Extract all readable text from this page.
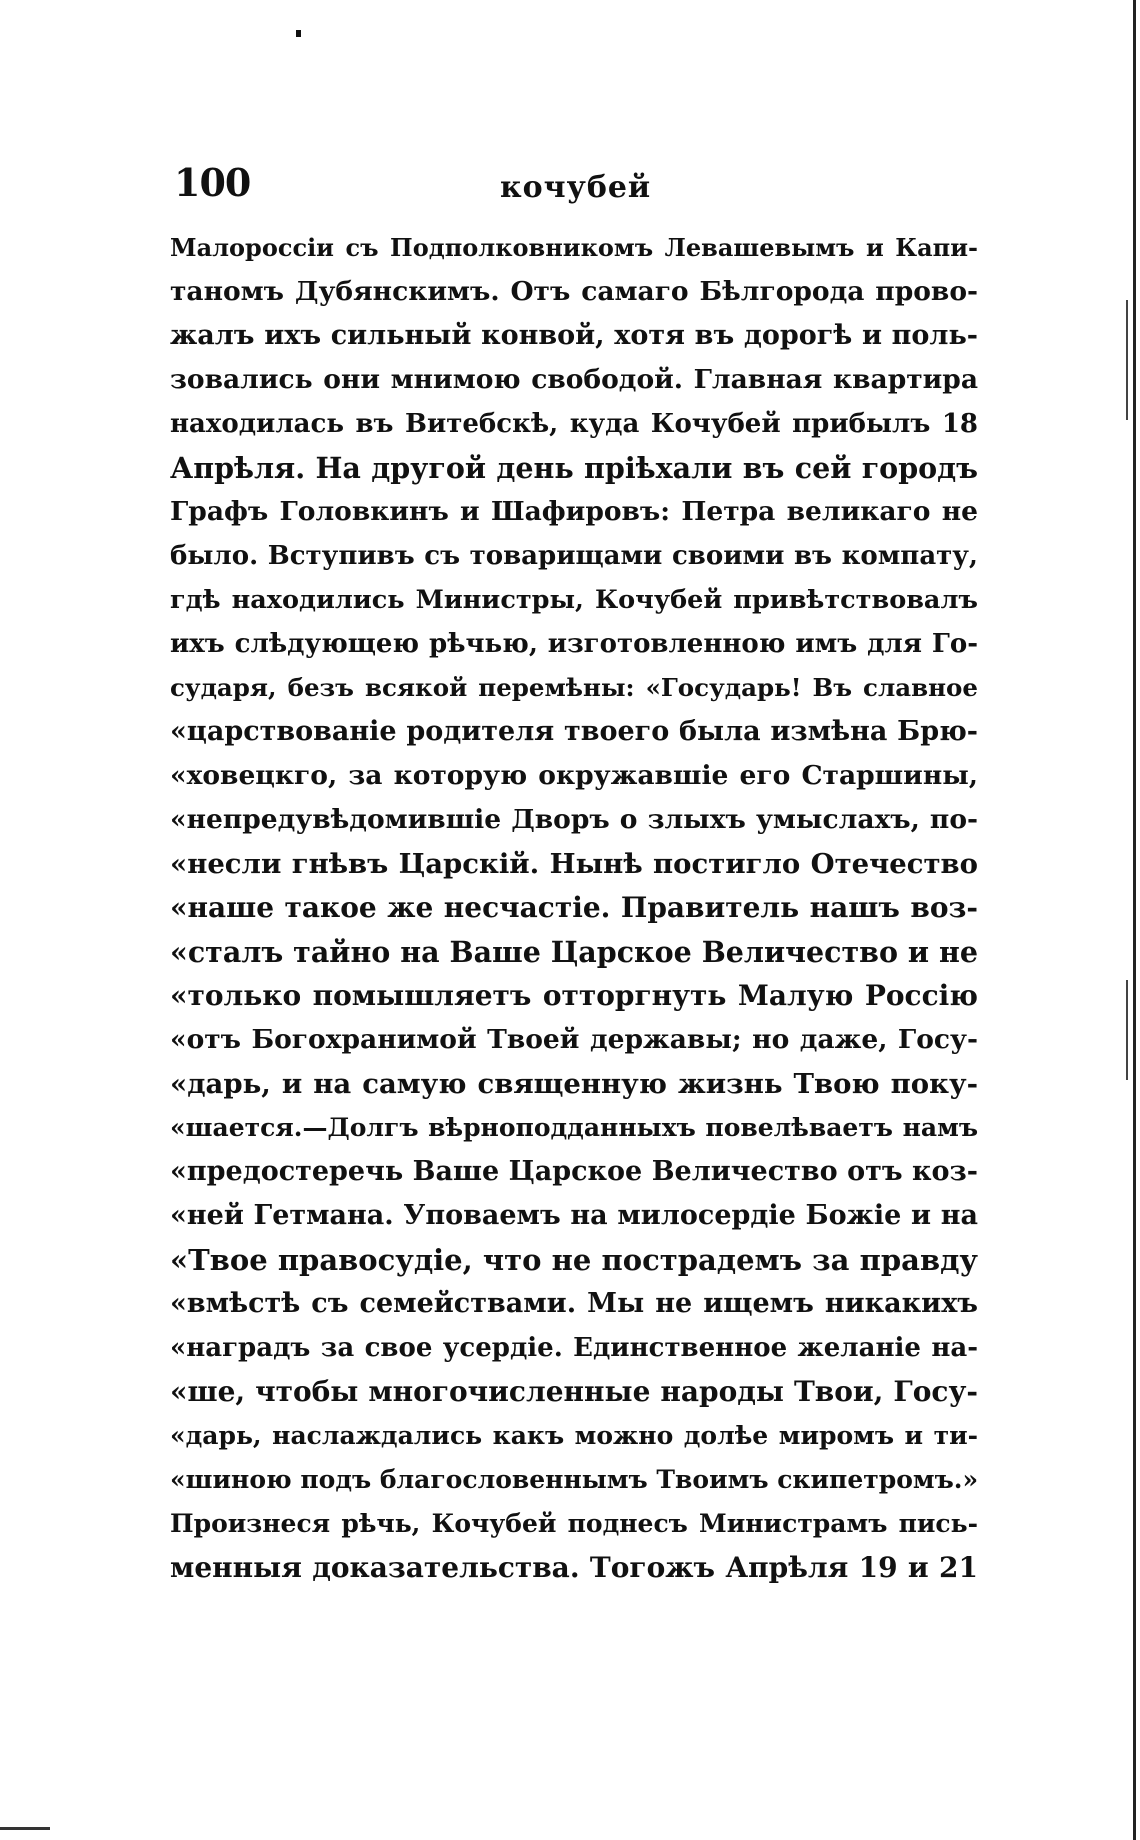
100	кочубей
Малороссіи съ Подполковникомъ Левашевымъ и Капи-
таномъ Дубянскимъ. Отъ самаго Бѣлгорода прово-
жалъ ихъ сильный конвой, хотя въ дорогѣ и поль-
зовались они мнимою свободой. Главная квартира
находилась въ Витебскѣ, куда Кочубей прибылъ 18
Апрѣля. На другой день пріѣхали въ сей городъ
Графъ Головкинъ и Шафировъ: Петра великаго не
было. Вступивъ съ товарищами своими въ компату,
гдѣ находились Министры, Кочубей привѣтствовалъ
ихъ слѣдующею рѣчью, изготовленною имъ для Го-
сударя, безъ всякой перемѣны: «Государь! Въ славное
«царствованіе родителя твоего была измѣна Брю-
«ховецкго, за которую окружавшіе его Старшины,
«непредувѣдомившіе Дворъ о злыхъ умыслахъ, по-
«несли гнѣвъ Царскій. Нынѣ постигло Отечество
«наше такое же несчастіе. Правитель нашъ воз-
«сталъ тайно на Ваше Царское Величество и не
«только помышляетъ отторгнуть Малую Россію
«отъ Богохранимой Твоей державы; но даже, Госу-
«дарь, и на самую священную жизнь Твою поку-
«шается.—Долгъ вѣрноподданныхъ повелѣваетъ намъ
«предостеречь Ваше Царское Величество отъ коз-
«ней Гетмана. Уповаемъ на милосердіе Божіе и на
«Твое правосудіе, что не пострадемъ за правду
«вмѣстѣ съ семействами. Мы не ищемъ никакихъ
«наградъ за свое усердіе. Единственное желаніе на-
«ше, чтобы многочисленные народы Твои, Госу-
«дарь, наслаждались какъ можно долѣе миромъ и ти-
«шиною подъ благословеннымъ Твоимъ скипетромъ.»
Произнеся рѣчь, Кочубей поднесъ Министрамъ пись-
менныя доказательства. Тогожъ Апрѣля 19 и 21
